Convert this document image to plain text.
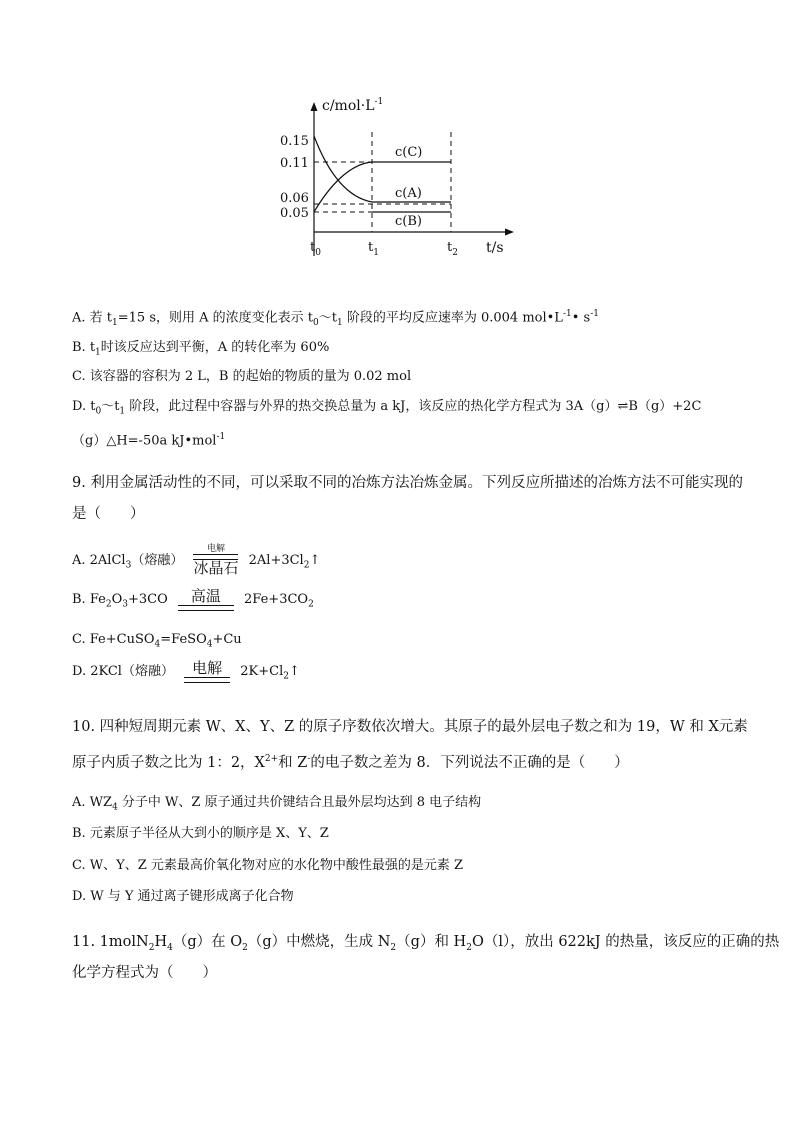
$c/mol\cdot L^{-1}$
t/s
0.15
0.11
0.06
0.05
$t_0$	$t_1$	$t_2$
c(C)
c(A)
c(B)
A. 若 $t_1=15$ s，则用 A 的浓度变化表示 $t_0\sim t_1$ 阶段的平均反应速率为 0.004 $mol•L^{-1}•$ $s^{-1}$
B. $t_1$时该反应达到平衡，A 的转化率为 60%
C. 该容器的容积为 2 L，B 的起始的物质的量为 0.02 mol
D. $t_0\sim t_1$ 阶段，此过程中容器与外界的热交换总量为 a kJ，该反应的热化学方程式为 3A（g）⇌B（g）+2C
（g）△H=-50a kJ•mol$^{-1}$
9. 利用金属活动性的不同，可以采取不同的冶炼方法冶炼金属。下列反应所描述的冶炼方法不可能实现的
是（　　）
A. 2AlCl$_3$（熔融）
电解
冰晶石 $2Al+3Cl_2↑$
B. $Fe_2O_3+3CO$	高温	$2Fe+3CO_2$
C. Fe+CuSO$_4$=FeSO$_4$+Cu
D. 2KCl（熔融）	电解	$2K+Cl_2↑$
10. 四种短周期元素 W、X、Y、Z 的原子序数依次增大。其原子的最外层电子数之和为 19，W 和 X元素
原子内质子数之比为 1：2，$X^{2+}$和 Z-的电子数之差为 8．下列说法不正确的是（　　）
A. $WZ_4$ 分子中 W、Z 原子通过共价键结合且最外层均达到 8 电子结构
B. 元素原子半径从大到小的顺序是 X、Y、Z
C. W、Y、Z 元素最高价氧化物对应的水化物中酸性最强的是元素 Z
D. W 与 Y 通过离子键形成离子化合物
11. $1molN_2H_4(g)$在 $O_2(g)$中燃烧，生成 $N_2(g)$和 $H_2O(l)$，放出 622kJ 的热量，该反应的正确的热
化学方程式为（　　）
